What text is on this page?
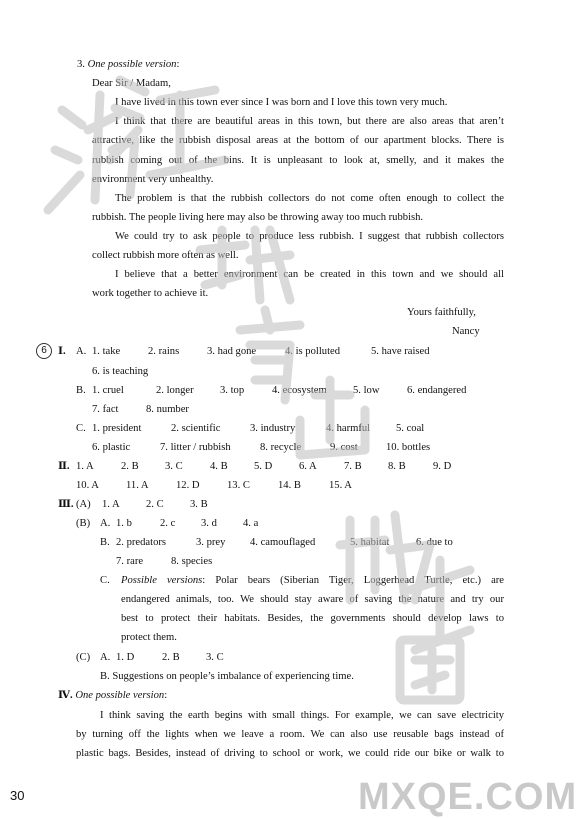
3. One possible version:
Dear Sir / Madam,
I have lived in this town ever since I was born and I love this town very much.
I think that there are beautiful areas in this town, but there are also areas that aren’t
attractive, like the rubbish disposal areas at the bottom of our apartment blocks. There is
rubbish coming out of the bins. It is unpleasant to look at, smelly, and it makes the
environment very unhealthy.
The problem is that the rubbish collectors do not come often enough to collect the
rubbish. The people living here may also be throwing away too much rubbish.
We could try to ask people to produce less rubbish. I suggest that rubbish collectors
collect rubbish more often as well.
I believe that a better environment can be created in this town and we should all
work together to achieve it.
Yours faithfully,
Nancy
6	Ⅰ. A. 1. take	2. rains	3. had gone	4. is polluted	5. have raised
6. is teaching
B. 1. cruel	2. longer 3. top	4. ecosystem 5. low	6. endangered
7. fact	8. number
C. 1. president	2. scientific	3. industry	4. harmful 5. coal
6. plastic	7. litter / rubbish	8. recycle	9. cost	10. bottles
Ⅱ. 1. A	2. B 3. C	4. B 5. D	6. A	7. B 8. B	9. D
10. A	11. A	12. D	13. C	14. B	15. A
Ⅲ. (A) 1. A 2. C 3. B
(B) A. 1. b	2. c 3. d 4. a
B. 2. predators	3. prey 4. camouflaged	5. habitat	6. due to
7. rare	8. species
C. Possible versions: Polar bears (Siberian Tiger, Loggerhead Turtle, etc.) are
endangered animals, too. We should stay aware of saving the nature and try our
best to protect their habitats. Besides, the governments should develop laws to
protect them.
(C) A. 1. D	2. B 3. C
B. Suggestions on people’s imbalance of experiencing time.
Ⅳ. One possible version:
I think saving the earth begins with small things. For example, we can save electricity
by turning off the lights when we leave a room. We can also use reusable bags instead of
plastic bags. Besides, instead of driving to school or work, we could ride our bike or walk to
30	MXQE.COM
